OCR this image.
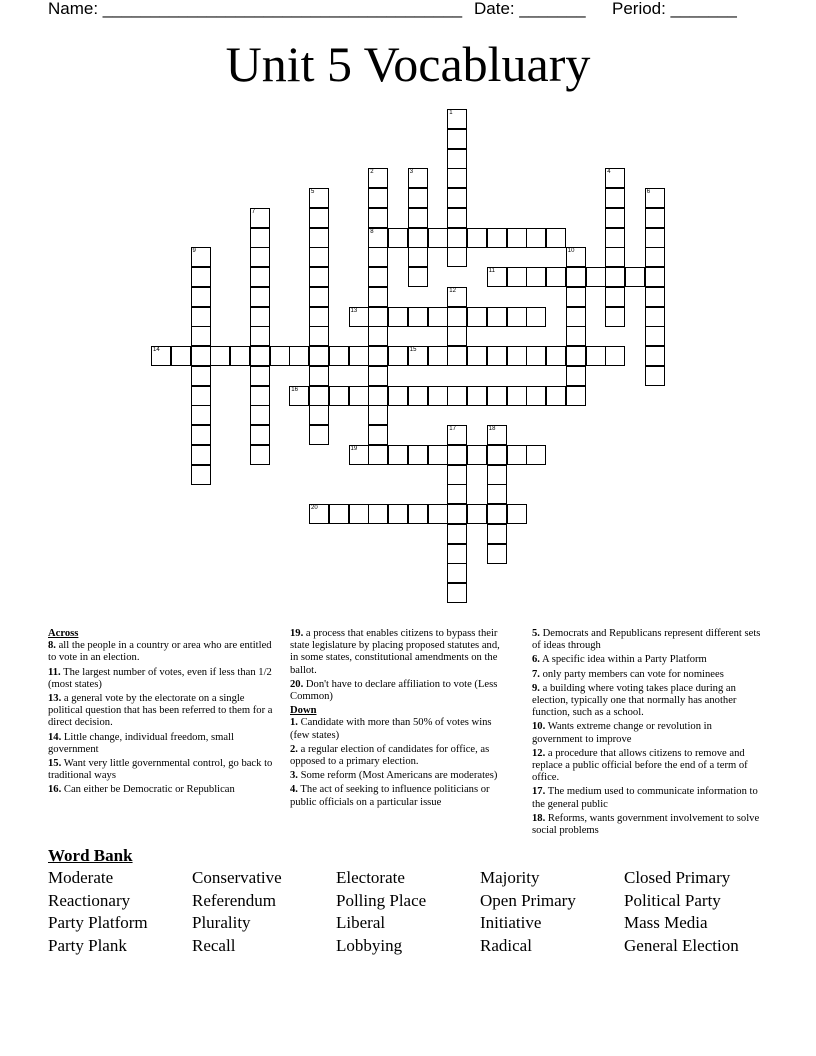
Name: ______________________________________ Date: _______ Period: _______
Unit 5 Vocabluary
1
2
8
3	4
5	6
7
9	10
11
12
13
14	15
16
17	18
19
20
Across
8. all the people in a country or area who are entitled to vote in an election.
11. The largest number of votes, even if less than 1/2 (most states)
13. a general vote by the electorate on a single political question that has been referred to them for a direct decision.
14. Little change, individual freedom, small government
15. Want very little governmental control, go back to traditional ways
16. Can either be Democratic or Republican
19. a process that enables citizens to bypass their state legislature by placing proposed statutes and, in some states, constitutional amendments on the ballot.
20. Don't have to declare affiliation to vote (Less Common)
Down
1. Candidate with more than 50% of votes wins (few states)
2. a regular election of candidates for office, as opposed to a primary election.
3. Some reform (Most Americans are moderates)
4. The act of seeking to influence politicians or public officials on a particular issue
5. Democrats and Republicans represent different sets of ideas through
6. A specific idea within a Party Platform
7. only party members can vote for nominees
9. a building where voting takes place during an election, typically one that normally has another function, such as a school.
10. Wants extreme change or revolution in government to improve
12. a procedure that allows citizens to remove and replace a public official before the end of a term of office.
17. The medium used to communicate information to the general public
18. Reforms, wants government involvement to solve social problems
Word Bank
Moderate	Conservative	Electorate	Majority	Closed Primary
Reactionary	Referendum	Polling Place	Open Primary	Political Party
Party Platform	Plurality	Liberal	Initiative	Mass Media
Party Plank	Recall	Lobbying	Radical	General Election
